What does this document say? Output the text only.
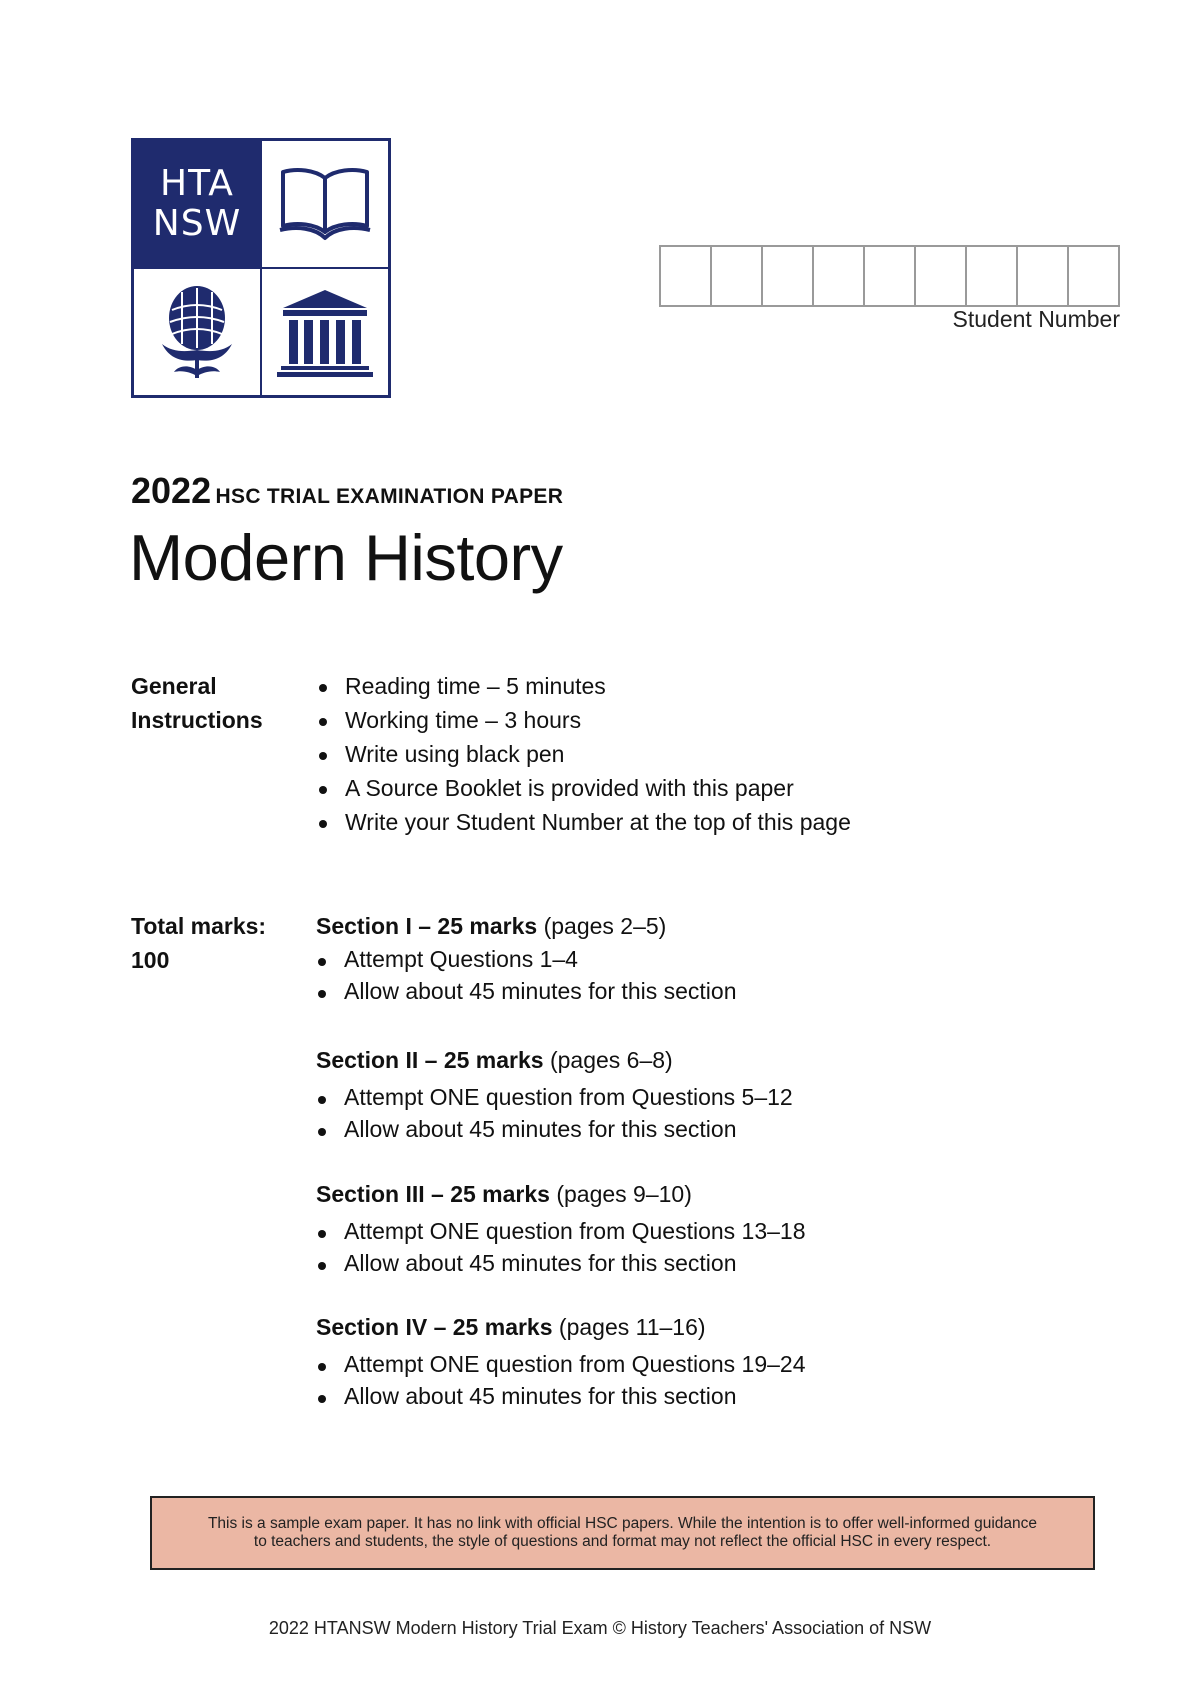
HTA
NSW
Student Number
2022 HSC TRIAL EXAMINATION PAPER
Modern History
General
Instructions
Reading time – 5 minutes
Working time – 3 hours
Write using black pen
A Source Booklet is provided with this paper
Write your Student Number at the top of this page
Total marks:
100
Section I – 25 marks (pages 2–5)
Attempt Questions 1–4
Allow about 45 minutes for this section
Section II – 25 marks (pages 6–8)
Attempt ONE question from Questions 5–12
Allow about 45 minutes for this section
Section III – 25 marks (pages 9–10)
Attempt ONE question from Questions 13–18
Allow about 45 minutes for this section
Section IV – 25 marks (pages 11–16)
Attempt ONE question from Questions 19–24
Allow about 45 minutes for this section
This is a sample exam paper. It has no link with official HSC papers. While the intention is to offer well-informed guidance
to teachers and students, the style of questions and format may not reflect the official HSC in every respect.
2022 HTANSW Modern History Trial Exam © History Teachers' Association of NSW
